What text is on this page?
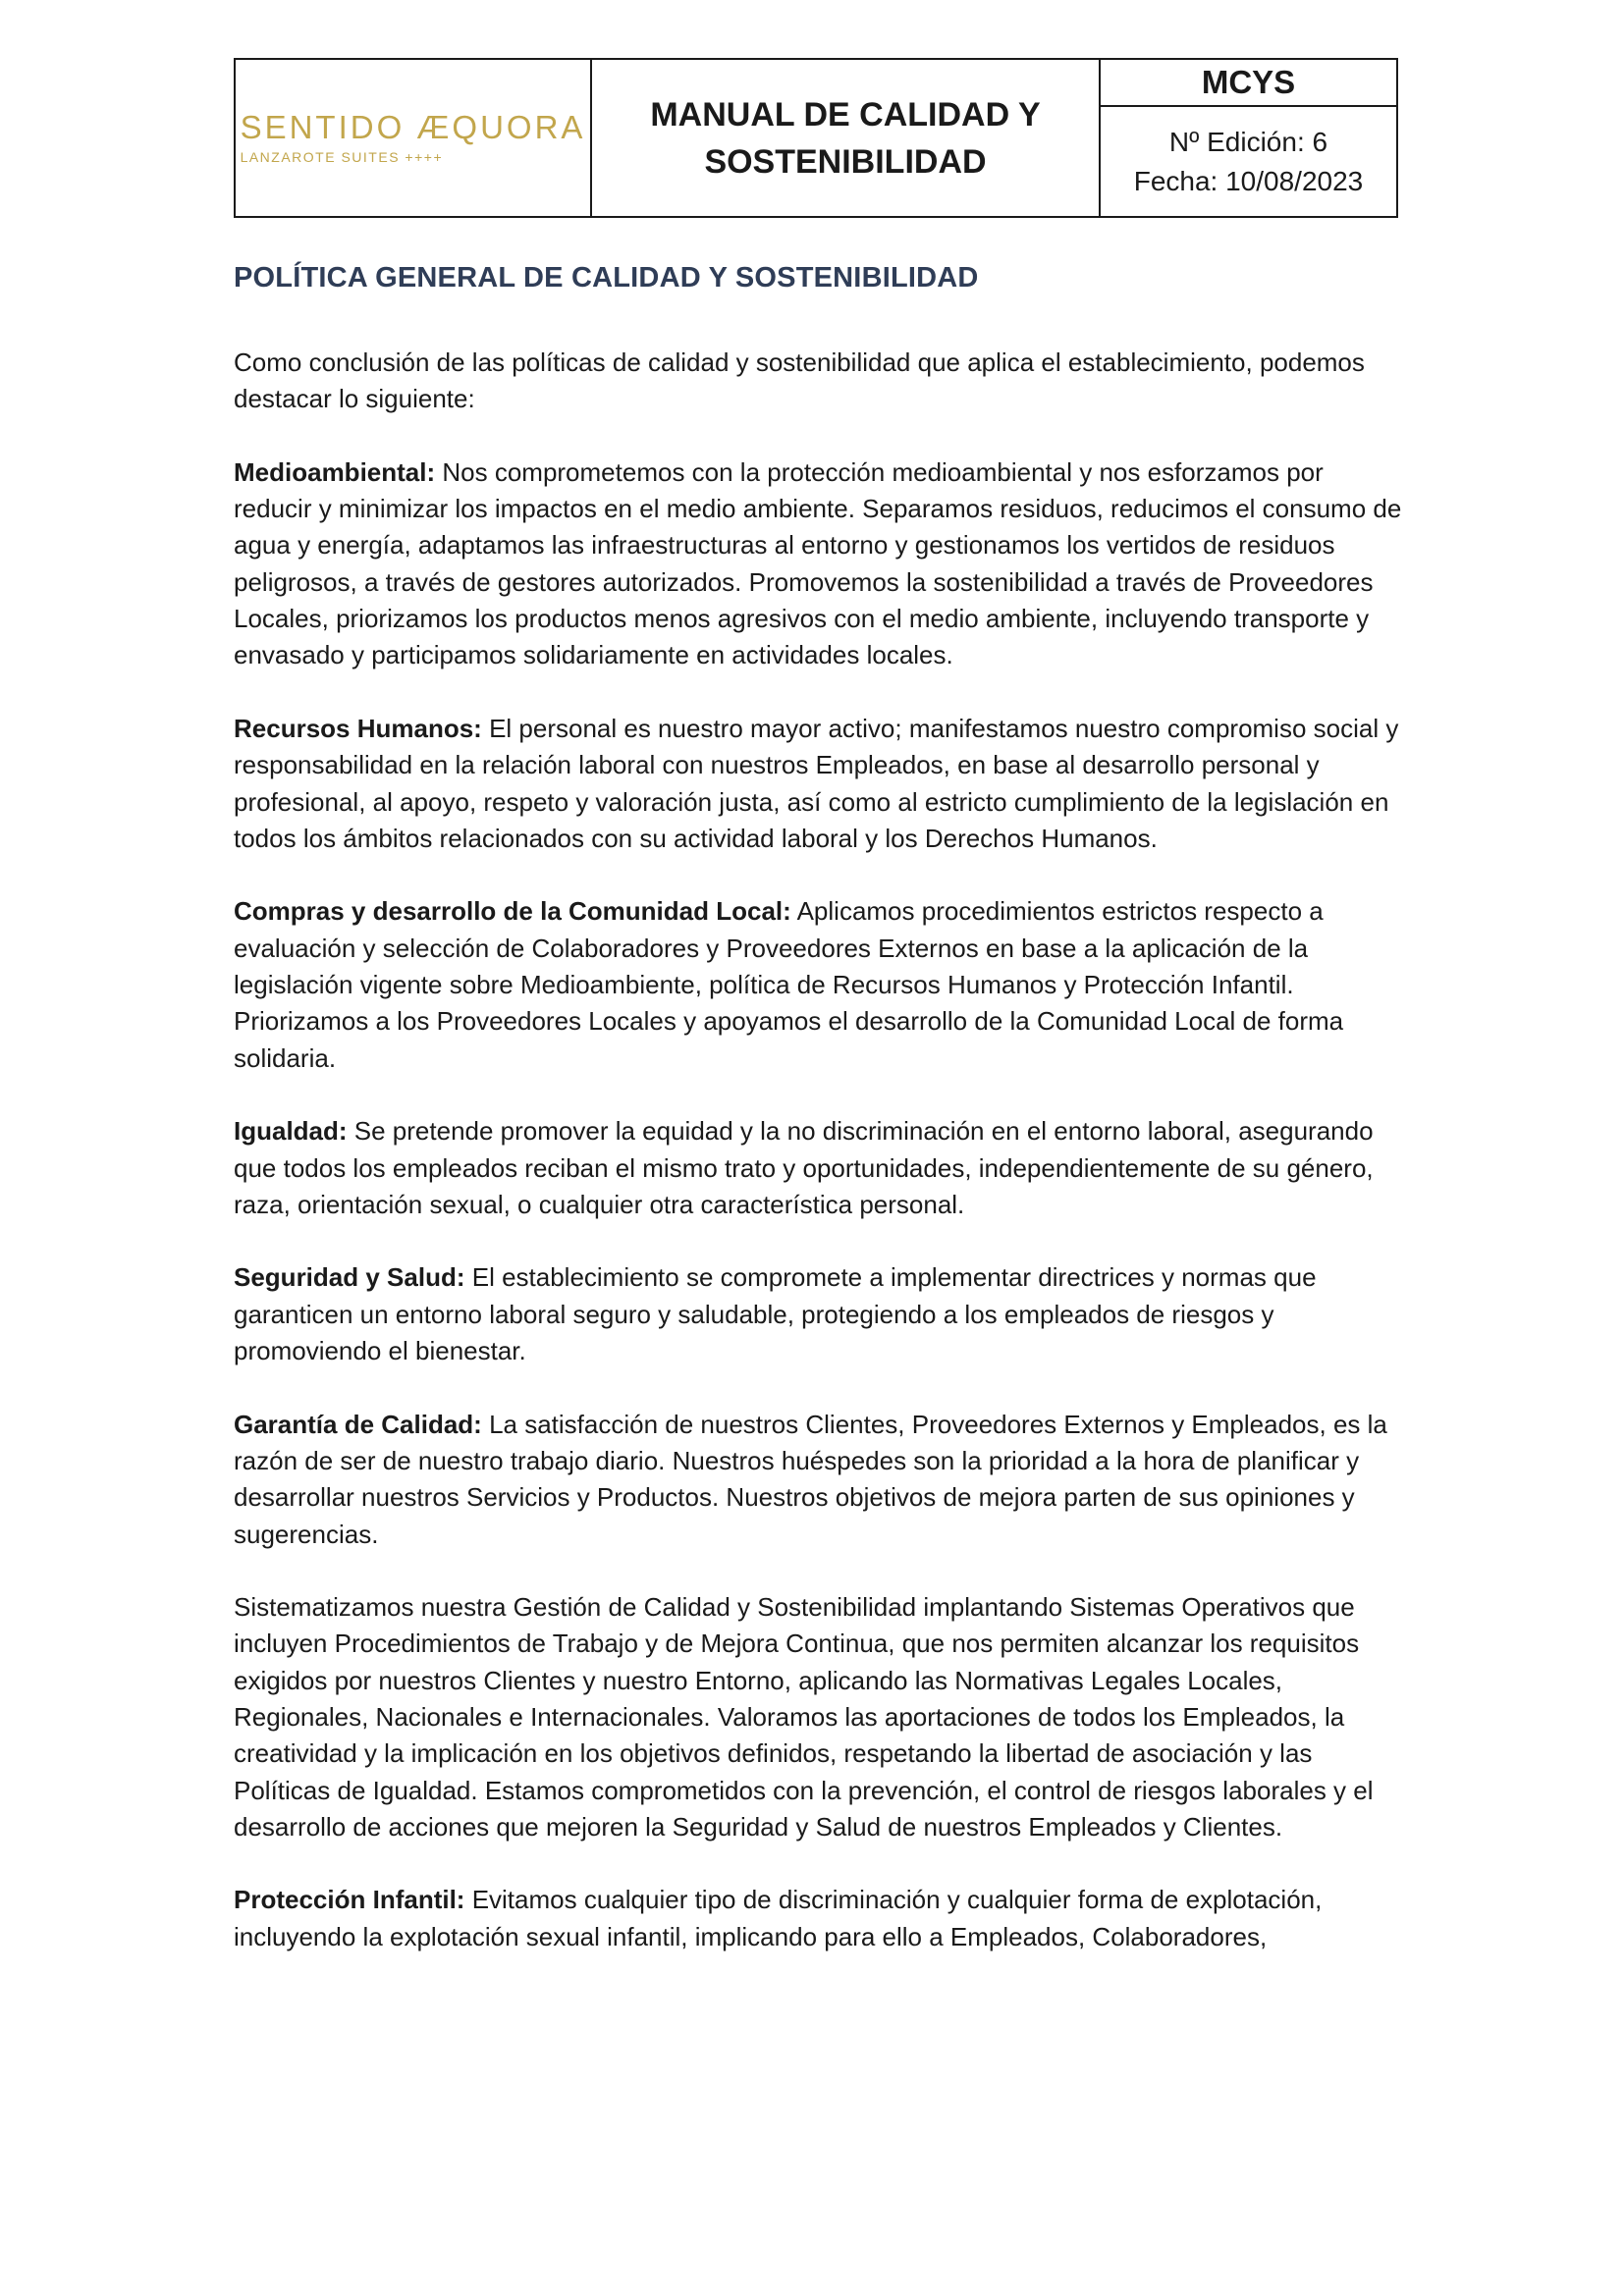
SENTIDO ÆQUORA
LANZAROTE SUITES ++++
MANUAL DE CALIDAD Y
SOSTENIBILIDAD
MCYS
Nº Edición: 6
Fecha: 10/08/2023
POLÍTICA GENERAL DE CALIDAD Y SOSTENIBILIDAD

Como conclusión de las políticas de calidad y sostenibilidad que aplica el establecimiento, podemos destacar lo siguiente:

Medioambiental: Nos comprometemos con la protección medioambiental y nos esforzamos por reducir y minimizar los impactos en el medio ambiente. Separamos residuos, reducimos el consumo de agua y energía, adaptamos las infraestructuras al entorno y gestionamos los vertidos de residuos peligrosos, a través de gestores autorizados. Promovemos la sostenibilidad a través de Proveedores Locales, priorizamos los productos menos agresivos con el medio ambiente, incluyendo transporte y envasado y participamos solidariamente en actividades locales.

Recursos Humanos: El personal es nuestro mayor activo; manifestamos nuestro compromiso social y responsabilidad en la relación laboral con nuestros Empleados, en base al desarrollo personal y profesional, al apoyo, respeto y valoración justa, así como al estricto cumplimiento de la legislación en todos los ámbitos relacionados con su actividad laboral y los Derechos Humanos.

Compras y desarrollo de la Comunidad Local: Aplicamos procedimientos estrictos respecto a evaluación y selección de Colaboradores y Proveedores Externos en base a la aplicación de la legislación vigente sobre Medioambiente, política de Recursos Humanos y Protección Infantil. Priorizamos a los Proveedores Locales y apoyamos el desarrollo de la Comunidad Local de forma solidaria.

Igualdad: Se pretende promover la equidad y la no discriminación en el entorno laboral, asegurando que todos los empleados reciban el mismo trato y oportunidades, independientemente de su género, raza, orientación sexual, o cualquier otra característica personal.

Seguridad y Salud: El establecimiento se compromete a implementar directrices y normas que garanticen un entorno laboral seguro y saludable, protegiendo a los empleados de riesgos y promoviendo el bienestar.

Garantía de Calidad: La satisfacción de nuestros Clientes, Proveedores Externos y Empleados, es la razón de ser de nuestro trabajo diario. Nuestros huéspedes son la prioridad a la hora de planificar y desarrollar nuestros Servicios y Productos. Nuestros objetivos de mejora parten de sus opiniones y sugerencias.

Sistematizamos nuestra Gestión de Calidad y Sostenibilidad implantando Sistemas Operativos que incluyen Procedimientos de Trabajo y de Mejora Continua, que nos permiten alcanzar los requisitos exigidos por nuestros Clientes y nuestro Entorno, aplicando las Normativas Legales Locales, Regionales, Nacionales e Internacionales. Valoramos las aportaciones de todos los Empleados, la creatividad y la implicación en los objetivos definidos, respetando la libertad de asociación y las Políticas de Igualdad. Estamos comprometidos con la prevención, el control de riesgos laborales y el desarrollo de acciones que mejoren la Seguridad y Salud de nuestros Empleados y Clientes.

Protección Infantil: Evitamos cualquier tipo de discriminación y cualquier forma de explotación, incluyendo la explotación sexual infantil, implicando para ello a Empleados, Colaboradores,
